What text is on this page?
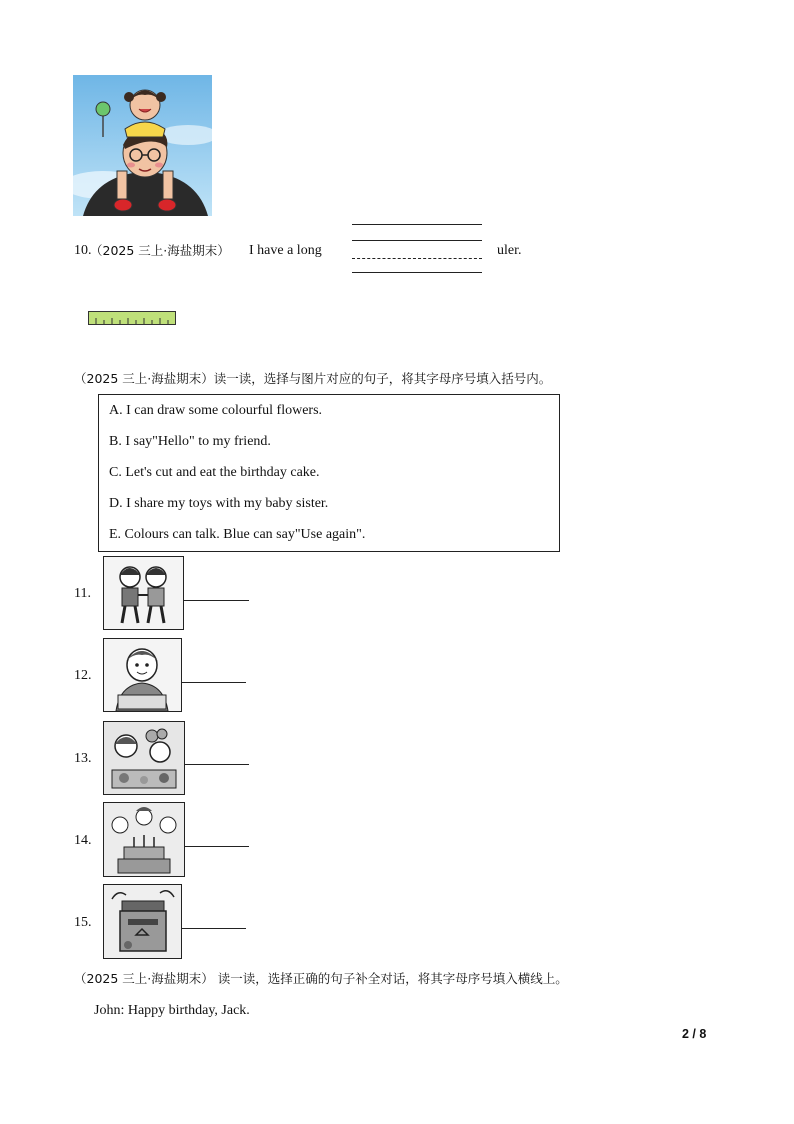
10.
（2025 三上·海盐期末） I have a long	uler.
（2025 三上·海盐期末）读一读，选择与图片对应的句子，将其字母序号填入括号内。
A. I can draw some colourful flowers.
B. I say"Hello" to my friend.
C. Let's cut and eat the birthday cake.
D. I share my toys with my baby sister.
E. Colours can talk. Blue can say"Use again".
11.
12.
13.
14.
15.
（2025 三上·海盐期末） 读一读，选择正确的句子补全对话，将其字母序号填入横线上。
John: Happy birthday, Jack.
2 / 8
